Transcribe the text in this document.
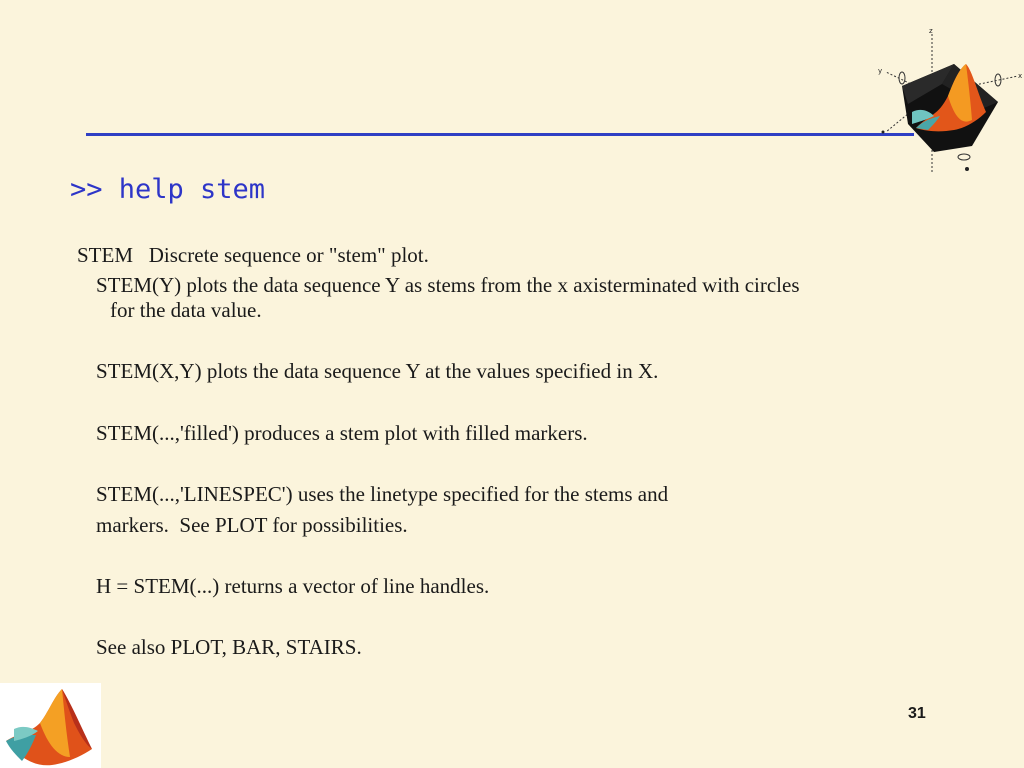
z
y
x
>> help stem
STEM   Discrete sequence or "stem" plot.
STEM(Y) plots the data sequence Y as stems from the x axisterminated with circles
for the data value.
STEM(X,Y) plots the data sequence Y at the values specified in X.
STEM(...,'filled') produces a stem plot with filled markers.
STEM(...,'LINESPEC') uses the linetype specified for the stems and
markers.  See PLOT for possibilities.
H = STEM(...) returns a vector of line handles.
See also PLOT, BAR, STAIRS.
31
